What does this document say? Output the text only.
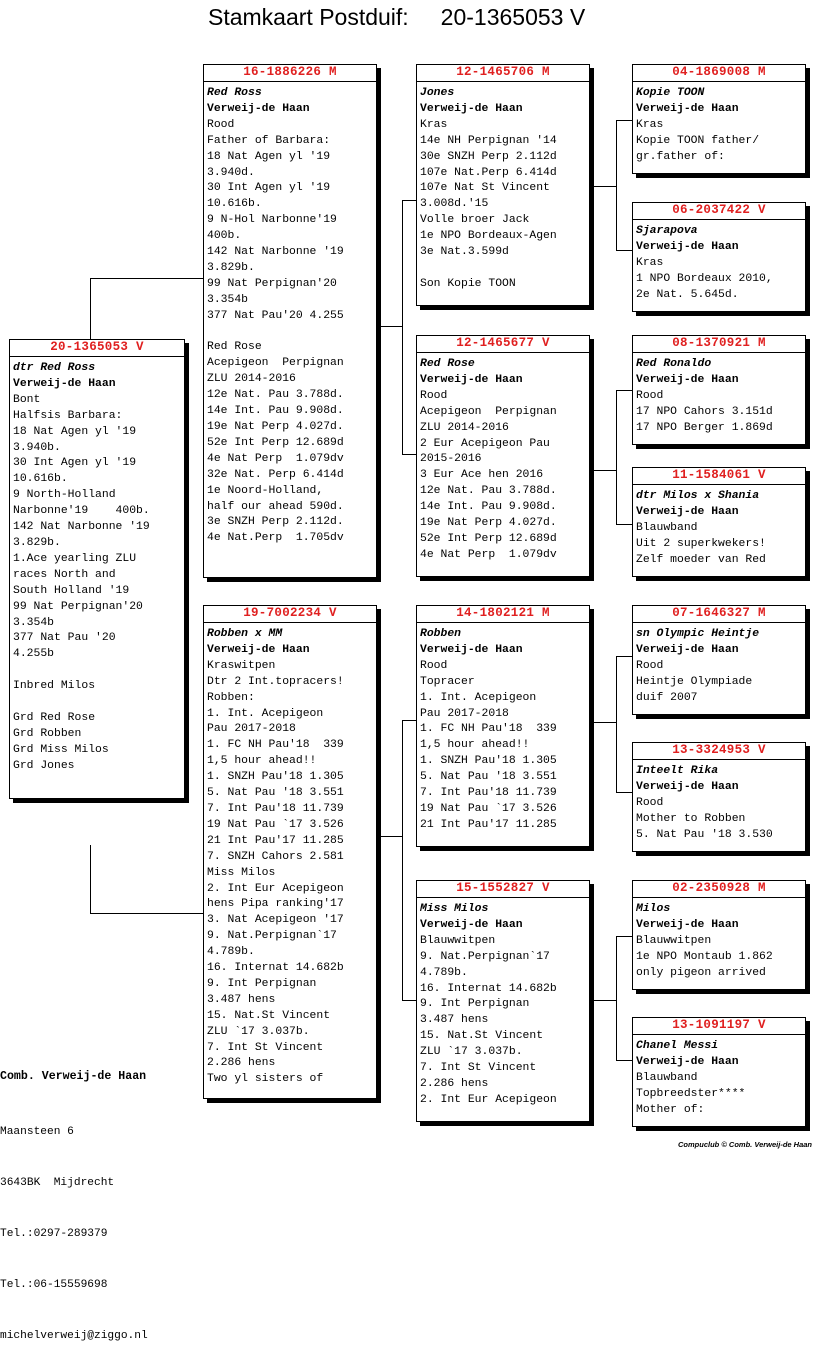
Stamkaart Postduif: 20-1365053 V
20-1365053 V
dtr Red Ross
Verweij-de Haan
Bont
Halfsis Barbara:
18 Nat Agen yl '19
3.940b.
30 Int Agen yl '19
10.616b.
9 North-Holland
Narbonne'19    400b.
142 Nat Narbonne '19
3.829b.
1.Ace yearling ZLU
races North and
South Holland '19
99 Nat Perpignan'20
3.354b
377 Nat Pau '20
4.255b
Inbred Milos
Grd Red Rose
Grd Robben
Grd Miss Milos
Grd Jones
16-1886226 M
Red Ross
Verweij-de Haan
Rood
Father of Barbara:
18 Nat Agen yl '19
3.940d.
30 Int Agen yl '19
10.616b.
9 N-Hol Narbonne'19
400b.
142 Nat Narbonne '19
3.829b.
99 Nat Perpignan'20
3.354b
377 Nat Pau'20 4.255
Red Rose
Acepigeon  Perpignan
ZLU 2014-2016
12e Nat. Pau 3.788d.
14e Int. Pau 9.908d.
19e Nat Perp 4.027d.
52e Int Perp 12.689d
4e Nat Perp  1.079dv
32e Nat. Perp 6.414d
1e Noord-Holland,
half our ahead 590d.
3e SNZH Perp 2.112d.
4e Nat.Perp  1.705dv
19-7002234 V
Robben x MM
Verweij-de Haan
Kraswitpen
Dtr 2 Int.topracers!
Robben:
1. Int. Acepigeon
Pau 2017-2018
1. FC NH Pau'18  339
1,5 hour ahead!!
1. SNZH Pau'18 1.305
5. Nat Pau '18 3.551
7. Int Pau'18 11.739
19 Nat Pau `17 3.526
21 Int Pau'17 11.285
7. SNZH Cahors 2.581
Miss Milos
2. Int Eur Acepigeon
hens Pipa ranking'17
3. Nat Acepigeon '17
9. Nat.Perpignan`17
4.789b.
16. Internat 14.682b
9. Int Perpignan
3.487 hens
15. Nat.St Vincent
ZLU `17 3.037b.
7. Int St Vincent
2.286 hens
Two yl sisters of
12-1465706 M
Jones
Verweij-de Haan
Kras
14e NH Perpignan '14
30e SNZH Perp 2.112d
107e Nat.Perp 6.414d
107e Nat St Vincent
3.008d.'15
Volle broer Jack
1e NPO Bordeaux-Agen
3e Nat.3.599d
Son Kopie TOON
12-1465677 V
Red Rose
Verweij-de Haan
Rood
Acepigeon  Perpignan
ZLU 2014-2016
2 Eur Acepigeon Pau
2015-2016
3 Eur Ace hen 2016
12e Nat. Pau 3.788d.
14e Int. Pau 9.908d.
19e Nat Perp 4.027d.
52e Int Perp 12.689d
4e Nat Perp  1.079dv
14-1802121 M
Robben
Verweij-de Haan
Rood
Topracer
1. Int. Acepigeon
Pau 2017-2018
1. FC NH Pau'18  339
1,5 hour ahead!!
1. SNZH Pau'18 1.305
5. Nat Pau '18 3.551
7. Int Pau'18 11.739
19 Nat Pau `17 3.526
21 Int Pau'17 11.285
15-1552827 V
Miss Milos
Verweij-de Haan
Blauwwitpen
9. Nat.Perpignan`17
4.789b.
16. Internat 14.682b
9. Int Perpignan
3.487 hens
15. Nat.St Vincent
ZLU `17 3.037b.
7. Int St Vincent
2.286 hens
2. Int Eur Acepigeon
04-1869008 M
Kopie TOON
Verweij-de Haan
Kras
Kopie TOON father/
gr.father of:
06-2037422 V
Sjarapova
Verweij-de Haan
Kras
1 NPO Bordeaux 2010,
2e Nat. 5.645d.
08-1370921 M
Red Ronaldo
Verweij-de Haan
Rood
17 NPO Cahors 3.151d
17 NPO Berger 1.869d
11-1584061 V
dtr Milos x Shania
Verweij-de Haan
Blauwband
Uit 2 superkwekers!
Zelf moeder van Red
07-1646327 M
sn Olympic Heintje
Verweij-de Haan
Rood
Heintje Olympiade
duif 2007
13-3324953 V
Inteelt Rika
Verweij-de Haan
Rood
Mother to Robben
5. Nat Pau '18 3.530
02-2350928 M
Milos
Verweij-de Haan
Blauwwitpen
1e NPO Montaub 1.862
only pigeon arrived
13-1091197 V
Chanel Messi
Verweij-de Haan
Blauwband
Topbreedster****
Mother of:

Comb. Verweij-de Haan

Maansteen 6

3643BK  Mijdrecht

Tel.:0297-289379

Tel.:06-15559698

michelverweij@ziggo.nl

Compuclub © Comb. Verweij-de Haan
